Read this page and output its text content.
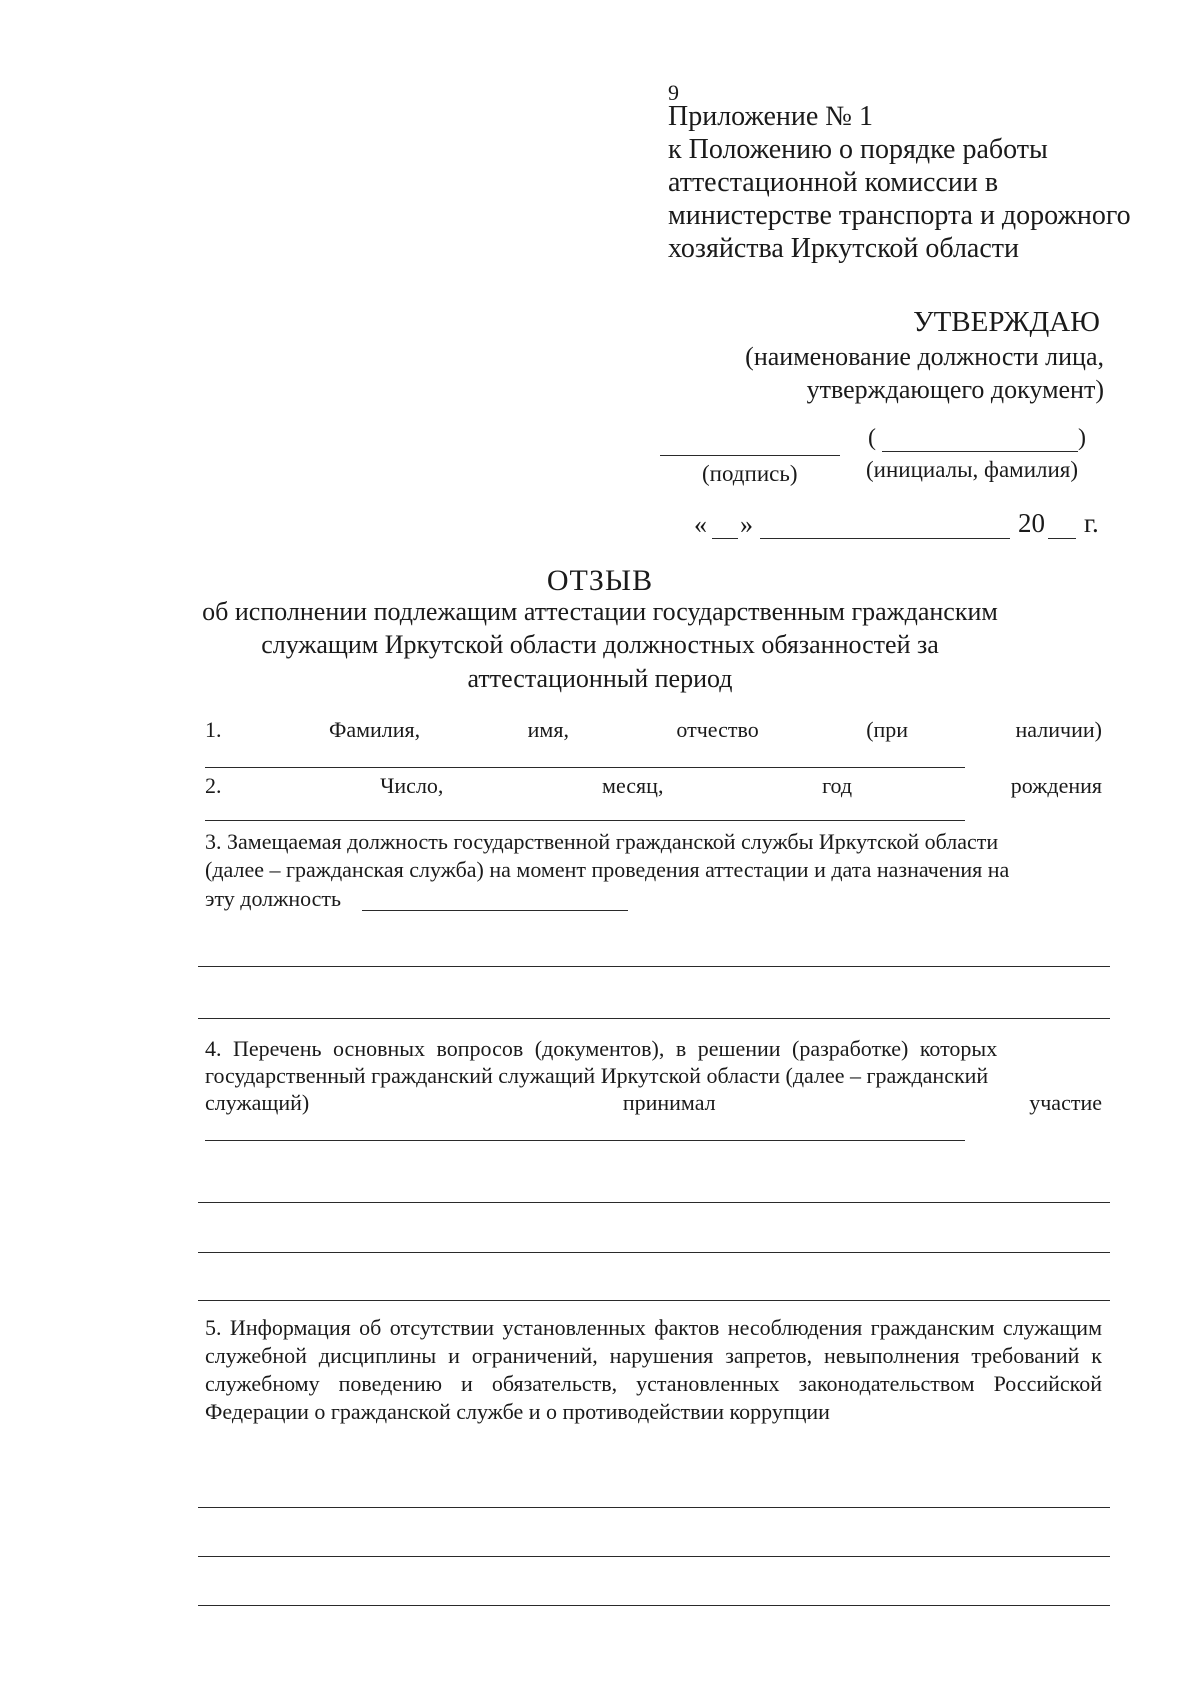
9
Приложение № 1
к Положению о порядке работы
аттестационной комиссии в
министерстве транспорта и дорожного
хозяйства Иркутской области
УТВЕРЖДАЮ
(наименование должности лица,
утверждающего документ)
(подпись)
(	)
(инициалы, фамилия)
« »	20 г.
ОТЗЫВ
об исполнении подлежащим аттестации государственным гражданским
служащим Иркутской области должностных обязанностей за
аттестационный период
1.	Фамилия,	имя,	отчество	(при	наличии)
2.	Число,	месяц,	год	рождения
3. Замещаемая должность государственной гражданской службы Иркутской области
(далее – гражданская служба) на момент проведения аттестации и дата назначения на
эту должность
4. Перечень основных вопросов (документов), в решении (разработке) которых
государственный гражданский служащий Иркутской области (далее – гражданский
служащий)	принимал	участие
5. Информация об отсутствии установленных фактов несоблюдения гражданским служащим служебной дисциплины и ограничений, нарушения запретов, невыполнения требований к служебному поведению и обязательств, установленных законодательством Российской Федерации о гражданской службе и о противодействии коррупции
